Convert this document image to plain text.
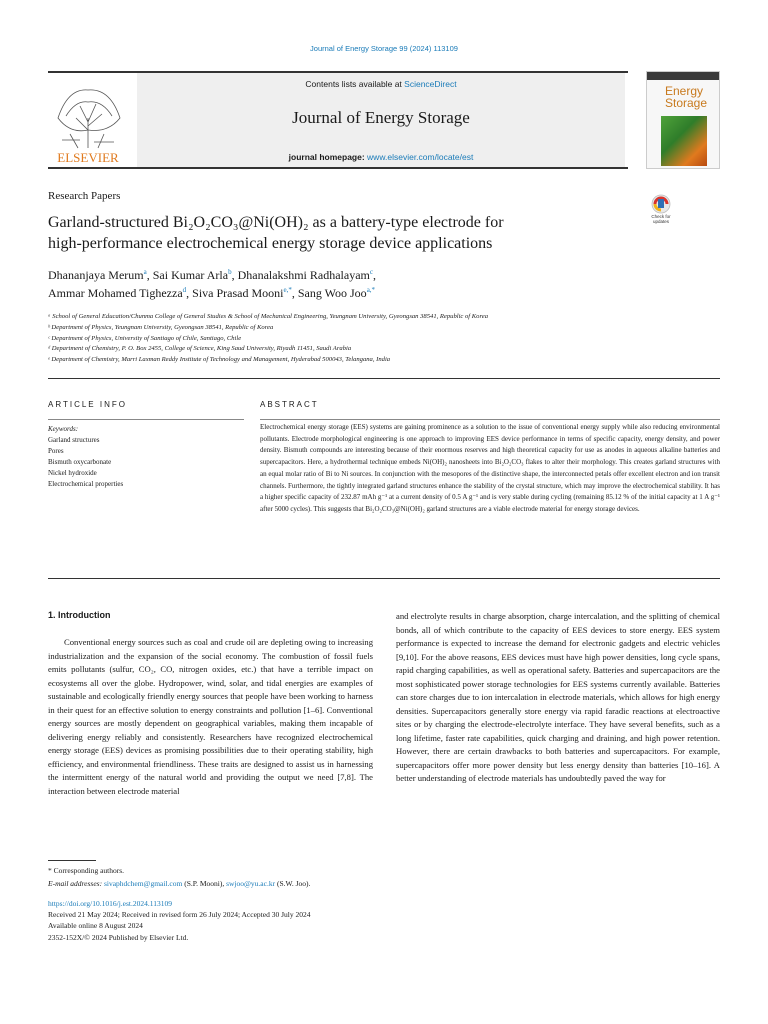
Journal of Energy Storage 99 (2024) 113109
ELSEVIER
Contents lists available at ScienceDirect
Journal of Energy Storage
journal homepage: www.elsevier.com/locate/est
Energy
Storage
Research Papers
Check for updates
Garland-structured Bi₂O₂CO₃@Ni(OH)₂ as a battery-type electrode for
high-performance electrochemical energy storage device applications
Dhananjaya Merum$^a$, Sai Kumar Arla$^b$, Dhanalakshmi Radhalayam$^c$,
Ammar Mohamed Tighezza$^d$, Siva Prasad Mooni$^{e,*}$, Sang Woo Joo$^{a,*}$
ᵃ School of General Education/Chunma College of General Studies & School of Mechanical Engineering, Yeungnam University, Gyeongsan 38541, Republic of Korea
ᵇ Department of Physics, Yeungnam University, Gyeongsan 38541, Republic of Korea
ᶜ Department of Physics, University of Santiago of Chile, Santiago, Chile
ᵈ Department of Chemistry, P. O. Box 2455, College of Science, King Saud University, Riyadh 11451, Saudi Arabia
ᵉ Department of Chemistry, Marri Laxman Reddy Institute of Technology and Management, Hyderabad 500043, Telangana, India
ARTICLE INFO	ABSTRACT
Keywords:
Garland structures
Pores
Bismuth oxycarbonate
Nickel hydroxide
Electrochemical properties
Electrochemical energy storage (EES) systems are gaining prominence as a solution to the issue of conventional energy supply while also reducing environmental pollutants. Electrode morphological engineering is one approach to improving EES device performance in terms of specific capacity, energy density, and power density. Bismuth compounds are interesting because of their enormous reserves and high theoretical capacity for use as anodes in aqueous alkaline batteries and supercapacitors. Here, a hydrothermal technique embeds Ni(OH)₂ nanosheets into Bi₂O₂CO₃ flakes to alter their morphology. This creates garland structures with an equal molar ratio of Bi to Ni sources. In conjunction with the mesopores of the distinctive shape, the interconnected petals offer excellent electron and ion transit channels. Furthermore, the tightly integrated garland structures enhance the stability of the crystal structure, which may improve the electrochemical stability. It has a higher specific capacity of 232.87 mAh g⁻¹ at a current density of 0.5 A g⁻¹ and is very stable during cycling (remaining 85.12 % of the initial capacity at 1 A g⁻¹ after 5000 cycles). This suggests that Bi₂O₂CO₃@Ni(OH)₂ garland structures are a viable electrode material for energy storage devices.
1. Introduction
Conventional energy sources such as coal and crude oil are depleting owing to increasing industrialization and the expansion of the social economy. The combustion of fossil fuels emits pollutants (sulfur, CO₂, CO, nitrogen oxides, etc.) that have a terrible impact on ecosystems all over the globe. Hydropower, wind, solar, and tidal energies are examples of sustainable and ecologically friendly energy sources that people have been working to harness in their quest for an effective solution to energy constraints and pollution [1–6]. Conventional energy sources are mostly dependent on geographical variables, making them incapable of delivering energy reliably and consistently. Researchers have recognized electrochemical energy storage (EES) devices as promising possibilities due to their operating stability, high efficiency, and environmental friendliness. These traits are designed to assist us in harnessing the intermittent energy of the natural world and providing the output we need [7,8]. The interaction between electrode material
and electrolyte results in charge absorption, charge intercalation, and the splitting of chemical bonds, all of which contribute to the capacity of EES devices to store energy. EES system performance is expected to increase the demand for electronic gadgets and electric vehicles [9,10]. For the above reasons, EES devices must have high power densities, long cycle spans, rapid charging capabilities, as well as operational safety. Batteries and supercapacitors are the most sophisticated power storage technologies for EES systems currently available. Batteries can store charges due to ion intercalation in electrode materials, which allows for high energy densities. Supercapacitors generally store energy via rapid faradic reactions at electroactive sites or by charging the electrode-electrolyte interface. They have several benefits, such as a long lifetime, faster rate capabilities, quick charging and draining, and high power retention. However, there are certain drawbacks to both batteries and supercapacitors. For example, supercapacitors offer more power density but less energy density than batteries [10–16]. A better understanding of electrode materials has undoubtedly paved the way for
* Corresponding authors.
E-mail addresses: sivaphdchem@gmail.com (S.P. Mooni), swjoo@yu.ac.kr (S.W. Joo).
https://doi.org/10.1016/j.est.2024.113109
Received 21 May 2024; Received in revised form 26 July 2024; Accepted 30 July 2024
Available online 8 August 2024
2352-152X/© 2024 Published by Elsevier Ltd.
